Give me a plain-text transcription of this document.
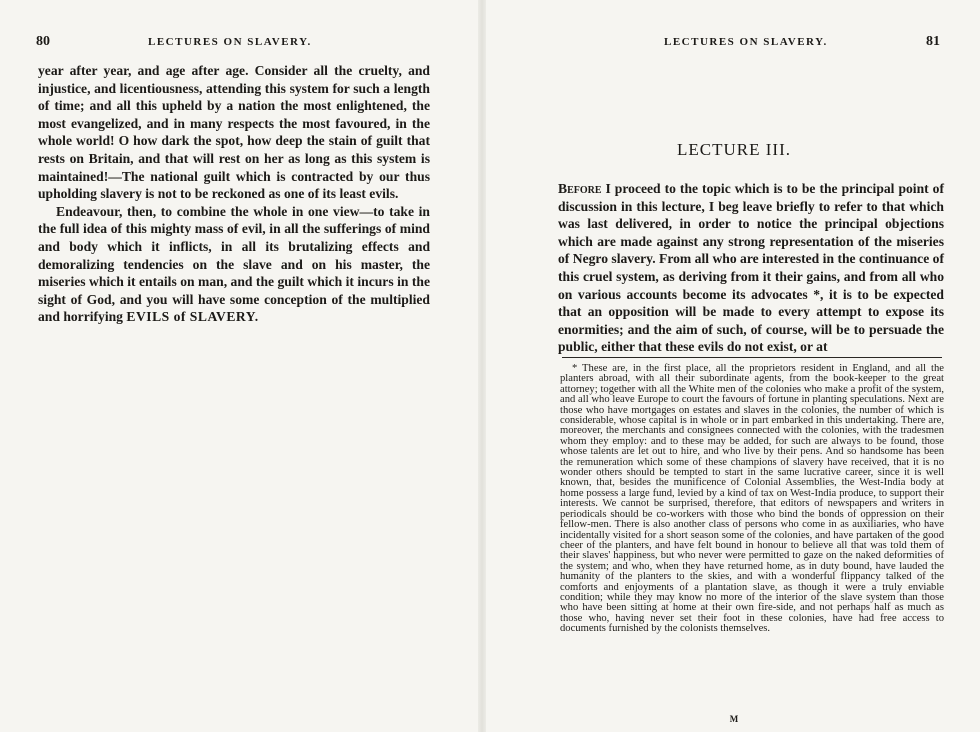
80	LECTURES ON SLAVERY.

year after year, and age after age. Consider all the cruelty, and injustice, and licentiousness, attending this system for such a length of time; and all this upheld by a nation the most enlightened, the most evangelized, and in many respects the most favoured, in the whole world! O how dark the spot, how deep the stain of guilt that rests on Britain, and that will rest on her as long as this system is maintained!—The national guilt which is contracted by our thus upholding slavery is not to be reckoned as one of its least evils.

Endeavour, then, to combine the whole in one view—to take in the full idea of this mighty mass of evil, in all the sufferings of mind and body which it inflicts, in all its brutalizing effects and demoralizing tendencies on the slave and on his master, the miseries which it entails on man, and the guilt which it incurs in the sight of God, and you will have some conception of the multiplied and horrifying EVILS of SLAVERY.

LECTURES ON SLAVERY.	81
LECTURE III.

Before I proceed to the topic which is to be the principal point of discussion in this lecture, I beg leave briefly to refer to that which was last delivered, in order to notice the principal objections which are made against any strong representation of the miseries of Negro slavery. From all who are interested in the continuance of this cruel system, as deriving from it their gains, and from all who on various accounts become its advocates *, it is to be expected that an opposition will be made to every attempt to expose its enormities; and the aim of such, of course, will be to persuade the public, either that these evils do not exist, or at

* These are, in the first place, all the proprietors resident in England, and all the planters abroad, with all their subordinate agents, from the book-keeper to the great attorney; together with all the White men of the colonies who make a profit of the system, and all who leave Europe to court the favours of fortune in planting speculations. Next are those who have mortgages on estates and slaves in the colonies, the number of which is considerable, whose capital is in whole or in part embarked in this undertaking. There are, moreover, the merchants and consignees connected with the colonies, with the tradesmen whom they employ: and to these may be added, for such are always to be found, those whose talents are let out to hire, and who live by their pens. And so handsome has been the remuneration which some of these champions of slavery have received, that it is no wonder others should be tempted to start in the same lucrative career, since it is well known, that, besides the munificence of Colonial Assemblies, the West-India body at home possess a large fund, levied by a kind of tax on West-India produce, to support their interests. We cannot be surprised, therefore, that editors of newspapers and writers in periodicals should be co-workers with those who bind the bonds of oppression on their fellow-men. There is also another class of persons who come in as auxiliaries, who have incidentally visited for a short season some of the colonies, and have partaken of the good cheer of the planters, and have felt bound in honour to believe all that was told them of their slaves' happiness, but who never were permitted to gaze on the naked deformities of the system; and who, when they have returned home, as in duty bound, have lauded the humanity of the planters to the skies, and with a wonderful flippancy talked of the comforts and enjoyments of a plantation slave, as though it were a truly enviable condition; while they may know no more of the interior of the slave system than those who have been sitting at home at their own fire-side, and not perhaps half as much as those who, having never set their foot in these colonies, have had free access to documents furnished by the colonists themselves.

M
